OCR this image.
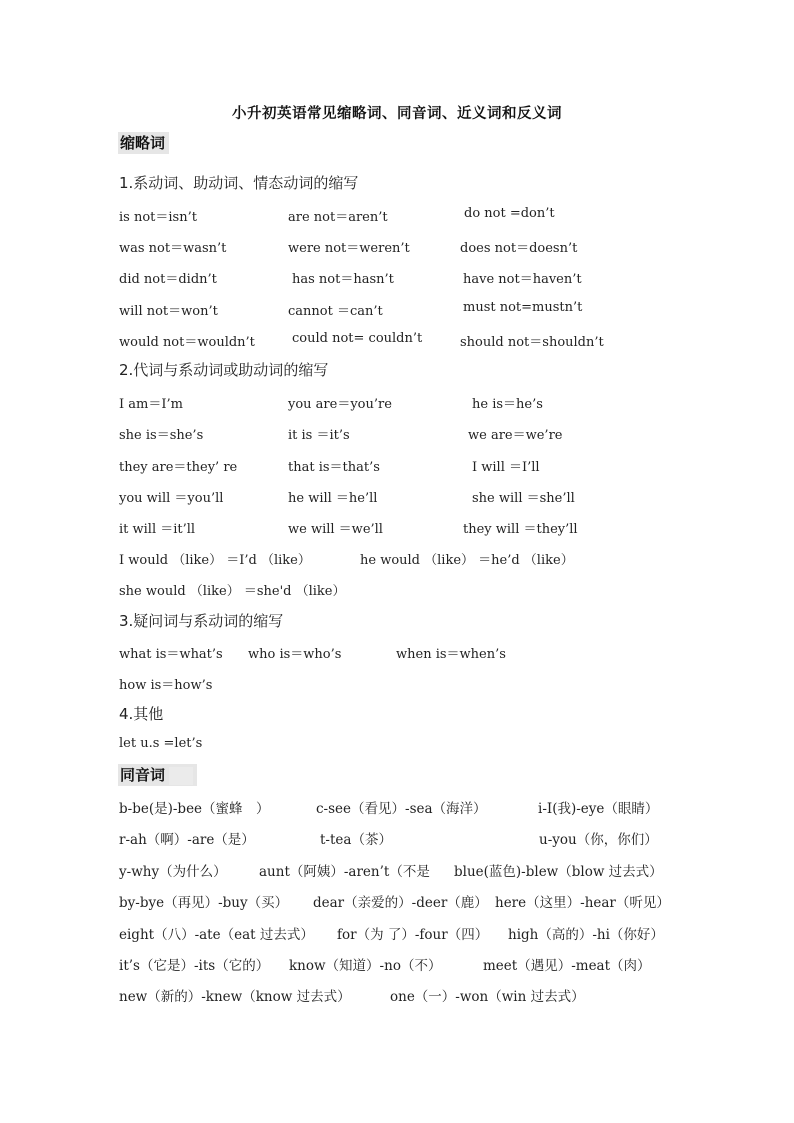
小升初英语常见缩略词、同音词、近义词和反义词
缩略词
1.系动词、助动词、情态动词的缩写
is not＝isn’t	are not＝aren’t	do not =don’t
was not＝wasn’t	were not＝weren’t	does not＝doesn’t
did not＝didn’t	has not＝hasn’t	have not＝haven’t
will not＝won’t	cannot ＝can’t	must not=mustn’t
would not＝wouldn’t	could not= couldn’t	should not＝shouldn’t
2.代词与系动词或助动词的缩写
I am＝I’m	you are＝you’re	he is＝he’s
she is＝she’s	it is ＝it’s	we are＝we’re
they are＝they’ re	that is＝that’s	I will ＝I’ll
you will ＝you’ll	he will ＝he’ll	she will ＝she’ll
it will ＝it’ll	we will ＝we’ll	they will ＝they’ll
I would （like） ＝I’d （like）	he would （like） ＝he’d （like）
she would （like） ＝she'd （like）
3.疑问词与系动词的缩写
what is＝what’s who is＝who’s	when is＝when’s
how is＝how’s
4.其他
let u.s =let’s
同音词
b-be(是)-bee（蜜蜂　）	c-see（看见）-sea（海洋）	i-I(我)-eye（眼睛）
r-ah（啊）-are（是）	t-tea（茶）	u-you（你，你们）
y-why（为什么） aunt（阿姨）-aren’t（不是 blue(蓝色)-blew（blow 过去式）
by-bye（再见）-buy（买） dear（亲爱的）-deer（鹿） here（这里）-hear（听见）
eight（八）-ate（eat 过去式） for（为 了）-four（四） high（高的）-hi（你好）
it’s（它是）-its（它的） know（知道）-no（不）	meet（遇见）-meat（肉）
new（新的）-knew（know 过去式）	one（一）-won（win 过去式）
